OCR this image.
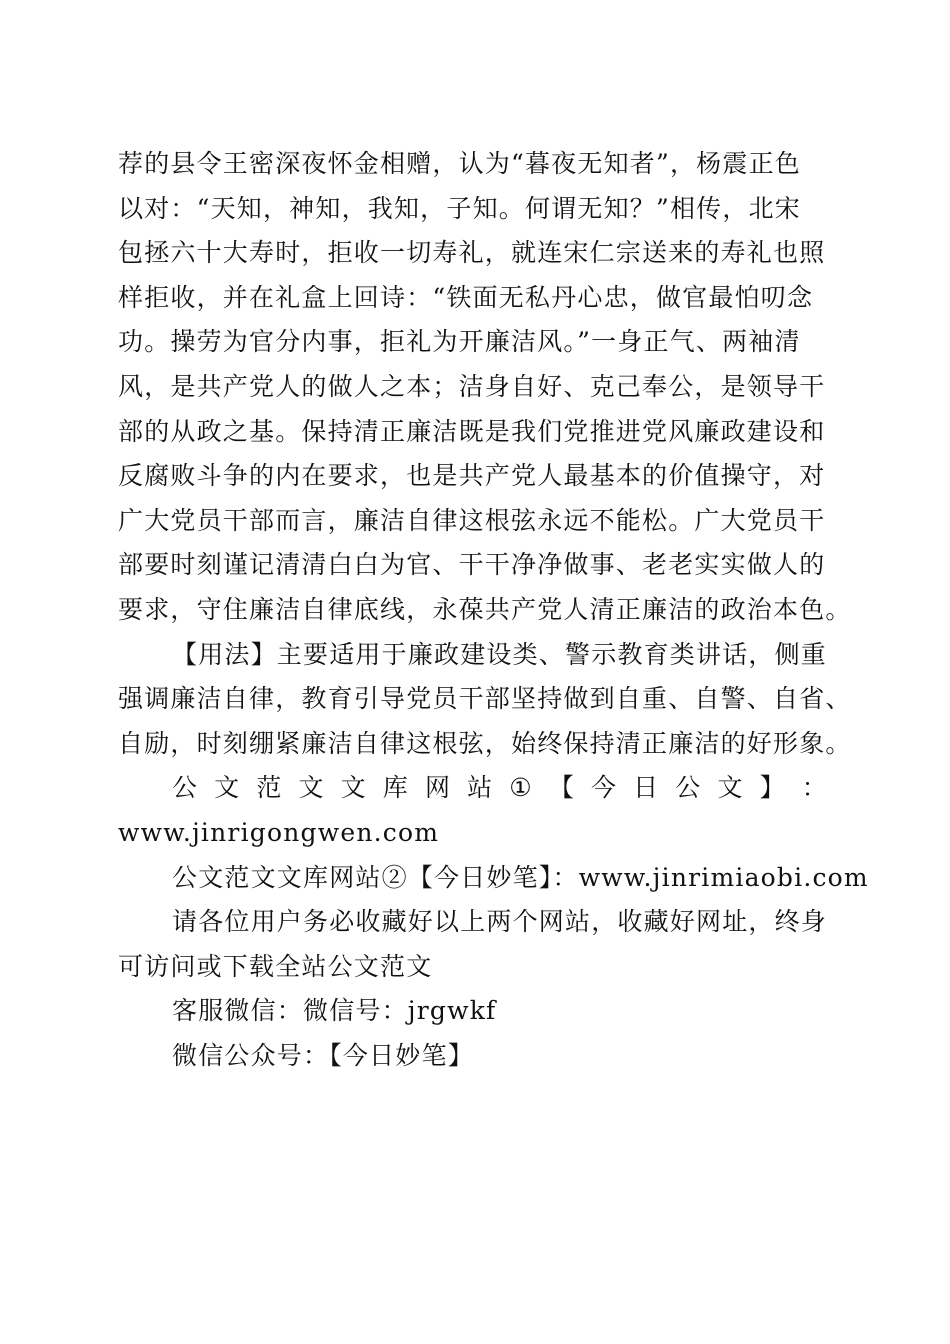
荐的县令王密深夜怀金相赠，认为“暮夜无知者”，杨震正色
以对：“天知，神知，我知，子知。何谓无知？”相传，北宋
包拯六十大寿时，拒收一切寿礼，就连宋仁宗送来的寿礼也照
样拒收，并在礼盒上回诗：“铁面无私丹心忠，做官最怕叨念
功。操劳为官分内事，拒礼为开廉洁风。”一身正气、两袖清
风，是共产党人的做人之本；洁身自好、克己奉公，是领导干
部的从政之基。保持清正廉洁既是我们党推进党风廉政建设和
反腐败斗争的内在要求，也是共产党人最基本的价值操守，对
广大党员干部而言，廉洁自律这根弦永远不能松。广大党员干
部要时刻谨记清清白白为官、干干净净做事、老老实实做人的
要求，守住廉洁自律底线，永葆共产党人清正廉洁的政治本色。
【用法】主要适用于廉政建设类、警示教育类讲话，侧重
强调廉洁自律，教育引导党员干部坚持做到自重、自警、自省、
自励，时刻绷紧廉洁自律这根弦，始终保持清正廉洁的好形象。
公 文 范 文 文 库 网 站 ① 【 今 日 公 文 】 ：
www.jinrigongwen.com
公文范文文库网站②【今日妙笔】：www.jinrimiaobi.com
请各位用户务必收藏好以上两个网站，收藏好网址，终身
可访问或下载全站公文范文
客服微信：微信号：jrgwkf
微信公众号：【今日妙笔】
